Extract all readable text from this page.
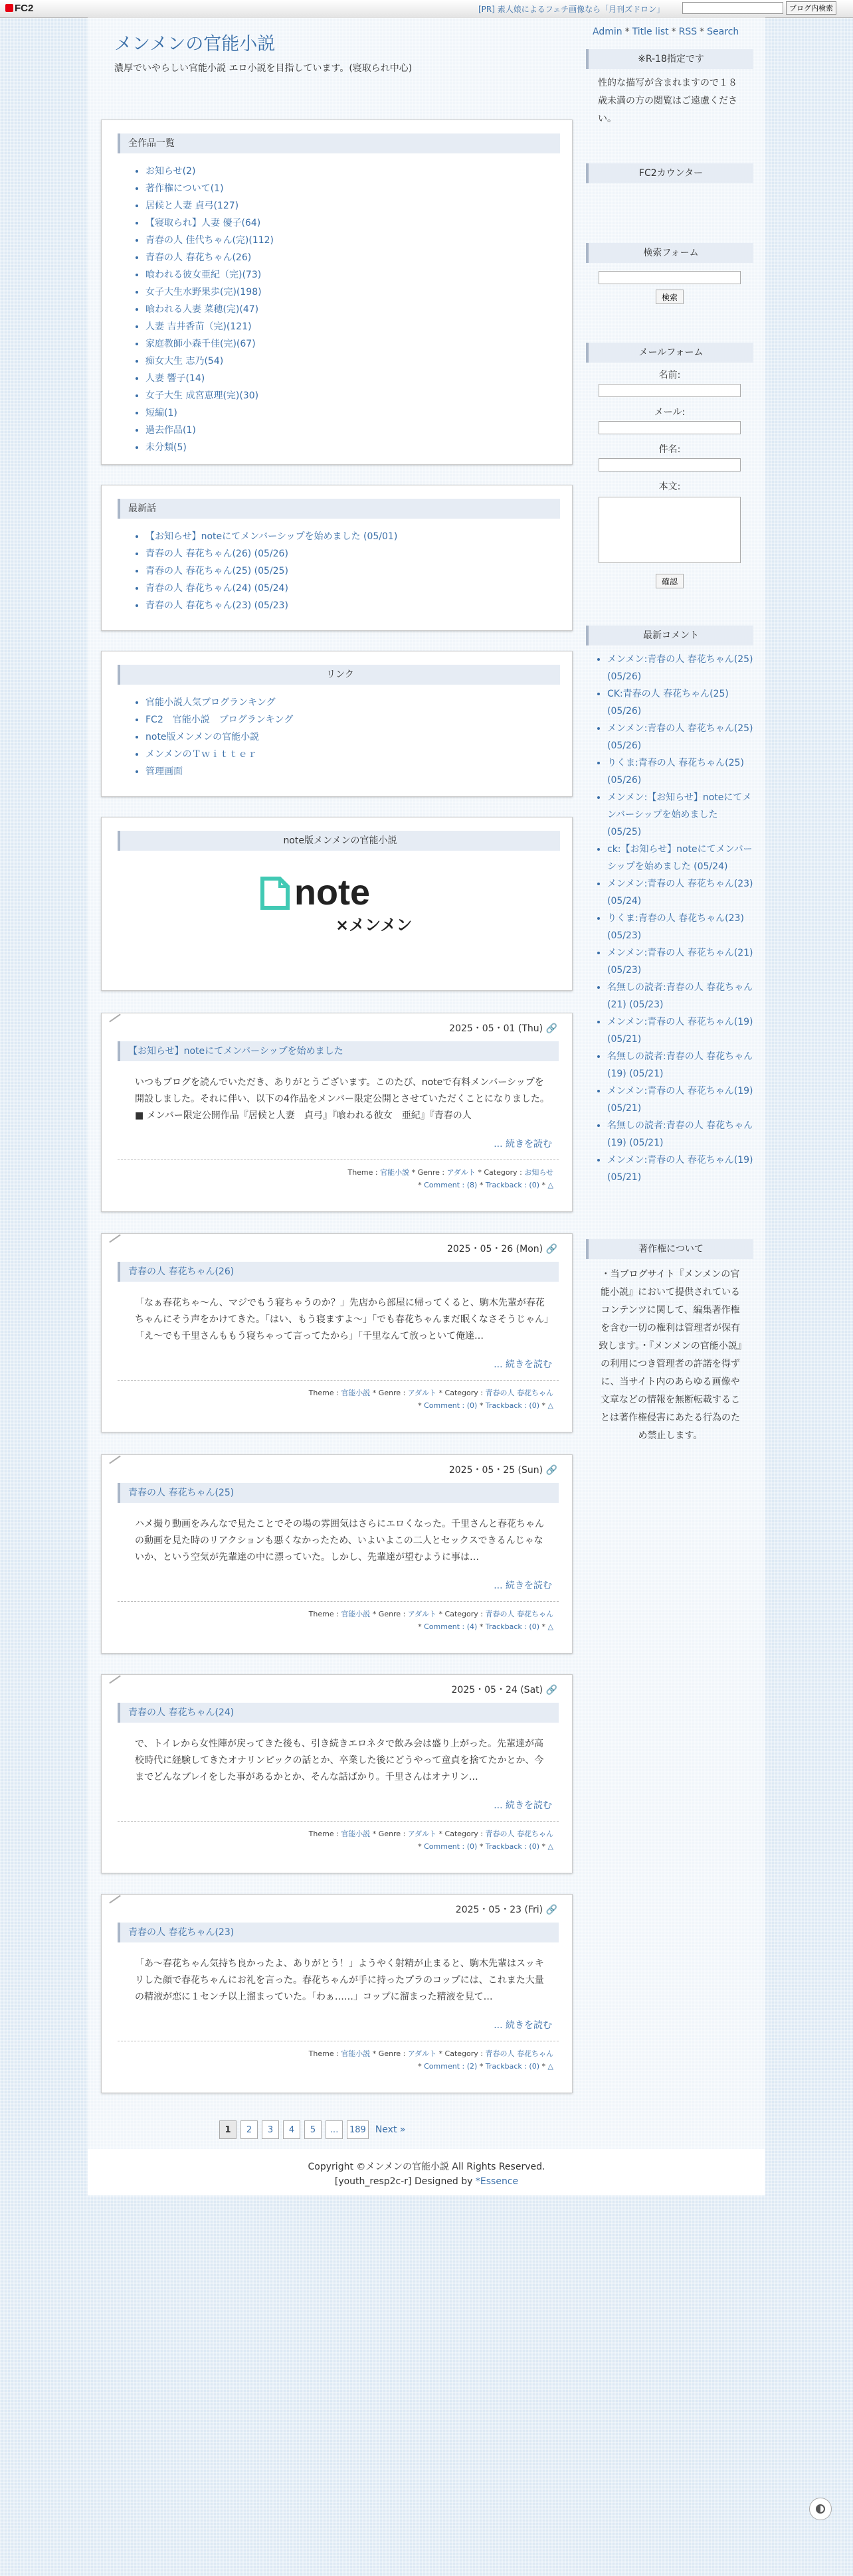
FC2	[PR] 素人娘によるフェチ画像なら「月刊ズドロン」	ブログ内検索
メンメンの官能小説
濃厚でいやらしい官能小説 エロ小説を目指しています。(寝取られ中心)
Admin * Title list * RSS * Search
全作品一覧
• お知らせ(2)
• 著作権について(1)
• 居候と人妻 貞弓(127)
• 【寝取られ】人妻 優子(64)
• 青春の人 佳代ちゃん(完)(112)
• 青春の人 春花ちゃん(26)
• 喰われる彼女亜紀（完)(73)
• 女子大生水野果歩(完)(198)
• 喰われる人妻 菜穂(完)(47)
• 人妻 吉井香苗（完)(121)
• 家庭教師小森千佳(完)(67)
• 痴女大生 志乃(54)
• 人妻 響子(14)
• 女子大生 成宮恵理(完)(30)
• 短編(1)
• 過去作品(1)
• 未分類(5)
最新話
• 【お知らせ】noteにてメンバーシップを始めました (05/01)
• 青春の人 春花ちゃん(26) (05/26)
• 青春の人 春花ちゃん(25) (05/25)
• 青春の人 春花ちゃん(24) (05/24)
• 青春の人 春花ちゃん(23) (05/23)
リンク
• 官能小説人気ブログランキング
• FC2　官能小説　ブログランキング
• note版メンメンの官能小説
• メンメンのＴｗｉｔｔｅｒ
• 管理画面
note版メンメンの官能小説
note
×メンメン
2025・05・01 (Thu) 🔗
【お知らせ】noteにてメンバーシップを始めました
いつもブログを読んでいただき、ありがとうございます。このたび、noteで有料メンバーシップを開設しました。それに伴い、以下の4作品をメンバー限定公開とさせていただくことになりました。■ メンバー限定公開作品『居候と人妻　貞弓』『喰われる彼女　亜紀』『青春の人　
... 続きを読む
Theme : 官能小説 * Genre : アダルト * Category : お知らせ
* Comment : (8) * Trackback : (0) * △
2025・05・26 (Mon) 🔗
青春の人 春花ちゃん(26)
「なぁ春花ちゃ～ん、マジでもう寝ちゃうのか？」先店から部屋に帰ってくると、駒木先輩が春花ちゃんにそう声をかけてきた。「はい、もう寝ますよ～」「でも春花ちゃんまだ眠くなさそうじゃん」「え～でも千里さんももう寝ちゃって言ってたから」「千里なんて放っといて俺達…
... 続きを読む
Theme : 官能小説 * Genre : アダルト * Category : 青春の人 春花ちゃん
* Comment : (0) * Trackback : (0) * △
2025・05・25 (Sun) 🔗
青春の人 春花ちゃん(25)
ハメ撮り動画をみんなで見たことでその場の雰囲気はさらにエロくなった。千里さんと春花ちゃんの動画を見た時のリアクションも悪くなかったため、いよいよこの二人とセックスできるんじゃないか、という空気が先輩達の中に漂っていた。しかし、先輩達が望むように事は…
... 続きを読む
Theme : 官能小説 * Genre : アダルト * Category : 青春の人 春花ちゃん
* Comment : (4) * Trackback : (0) * △
2025・05・24 (Sat) 🔗
青春の人 春花ちゃん(24)
で、トイレから女性陣が戻ってきた後も、引き続きエロネタで飲み会は盛り上がった。先輩達が高校時代に経験してきたオナリンピックの話とか、卒業した後にどうやって童貞を捨てたかとか、今までどんなプレイをした事があるかとか、そんな話ばかり。千里さんはオナリン…
... 続きを読む
Theme : 官能小説 * Genre : アダルト * Category : 青春の人 春花ちゃん
* Comment : (0) * Trackback : (0) * △
2025・05・23 (Fri) 🔗
青春の人 春花ちゃん(23)
「あ〜春花ちゃん気持ち良かったよ、ありがとう！」ようやく射精が止まると、駒木先輩はスッキリした顔で春花ちゃんにお礼を言った。春花ちゃんが手に持ったプラのコップには、これまた大量の精液が恋に１センチ以上溜まっていた。「わぁ……」コップに溜まった精液を見て…
... 続きを読む
Theme : 官能小説 * Genre : アダルト * Category : 青春の人 春花ちゃん
* Comment : (2) * Trackback : (0) * △
1 2 3 4 5 … 189 Next »
Copyright ©メンメンの官能小説 All Rights Reserved.
[youth_resp2c-r] Designed by *Essence
※R-18指定です
性的な描写が含まれますので１８歳未満の方の閲覧はご遠慮ください。
FC2カウンター
検索フォーム
検索
メールフォーム
名前:
メール:
件名:
本文:
確認
最新コメント
• メンメン:青春の人 春花ちゃん(25) (05/26)
• CK:青春の人 春花ちゃん(25) (05/26)
• メンメン:青春の人 春花ちゃん(25) (05/26)
• りくま:青春の人 春花ちゃん(25) (05/26)
• メンメン:【お知らせ】noteにてメンバーシップを始めました (05/25)
• ck:【お知らせ】noteにてメンバーシップを始めました (05/24)
• メンメン:青春の人 春花ちゃん(23) (05/24)
• りくま:青春の人 春花ちゃん(23) (05/23)
• メンメン:青春の人 春花ちゃん(21) (05/23)
• 名無しの読者:青春の人 春花ちゃん(21) (05/23)
• メンメン:青春の人 春花ちゃん(19) (05/21)
• 名無しの読者:青春の人 春花ちゃん(19) (05/21)
• メンメン:青春の人 春花ちゃん(19) (05/21)
• 名無しの読者:青春の人 春花ちゃん(19) (05/21)
• メンメン:青春の人 春花ちゃん(19) (05/21)
著作権について
・当ブログサイト『メンメンの官能小説』において提供されているコンテンツに関して、編集著作権を含む一切の権利は管理者が保有致します。・『メンメンの官能小説』の利用につき管理者の許諾を得ずに、当サイト内のあらゆる画像や文章などの情報を無断転載することは著作権侵害にあたる行為のため禁止します。
